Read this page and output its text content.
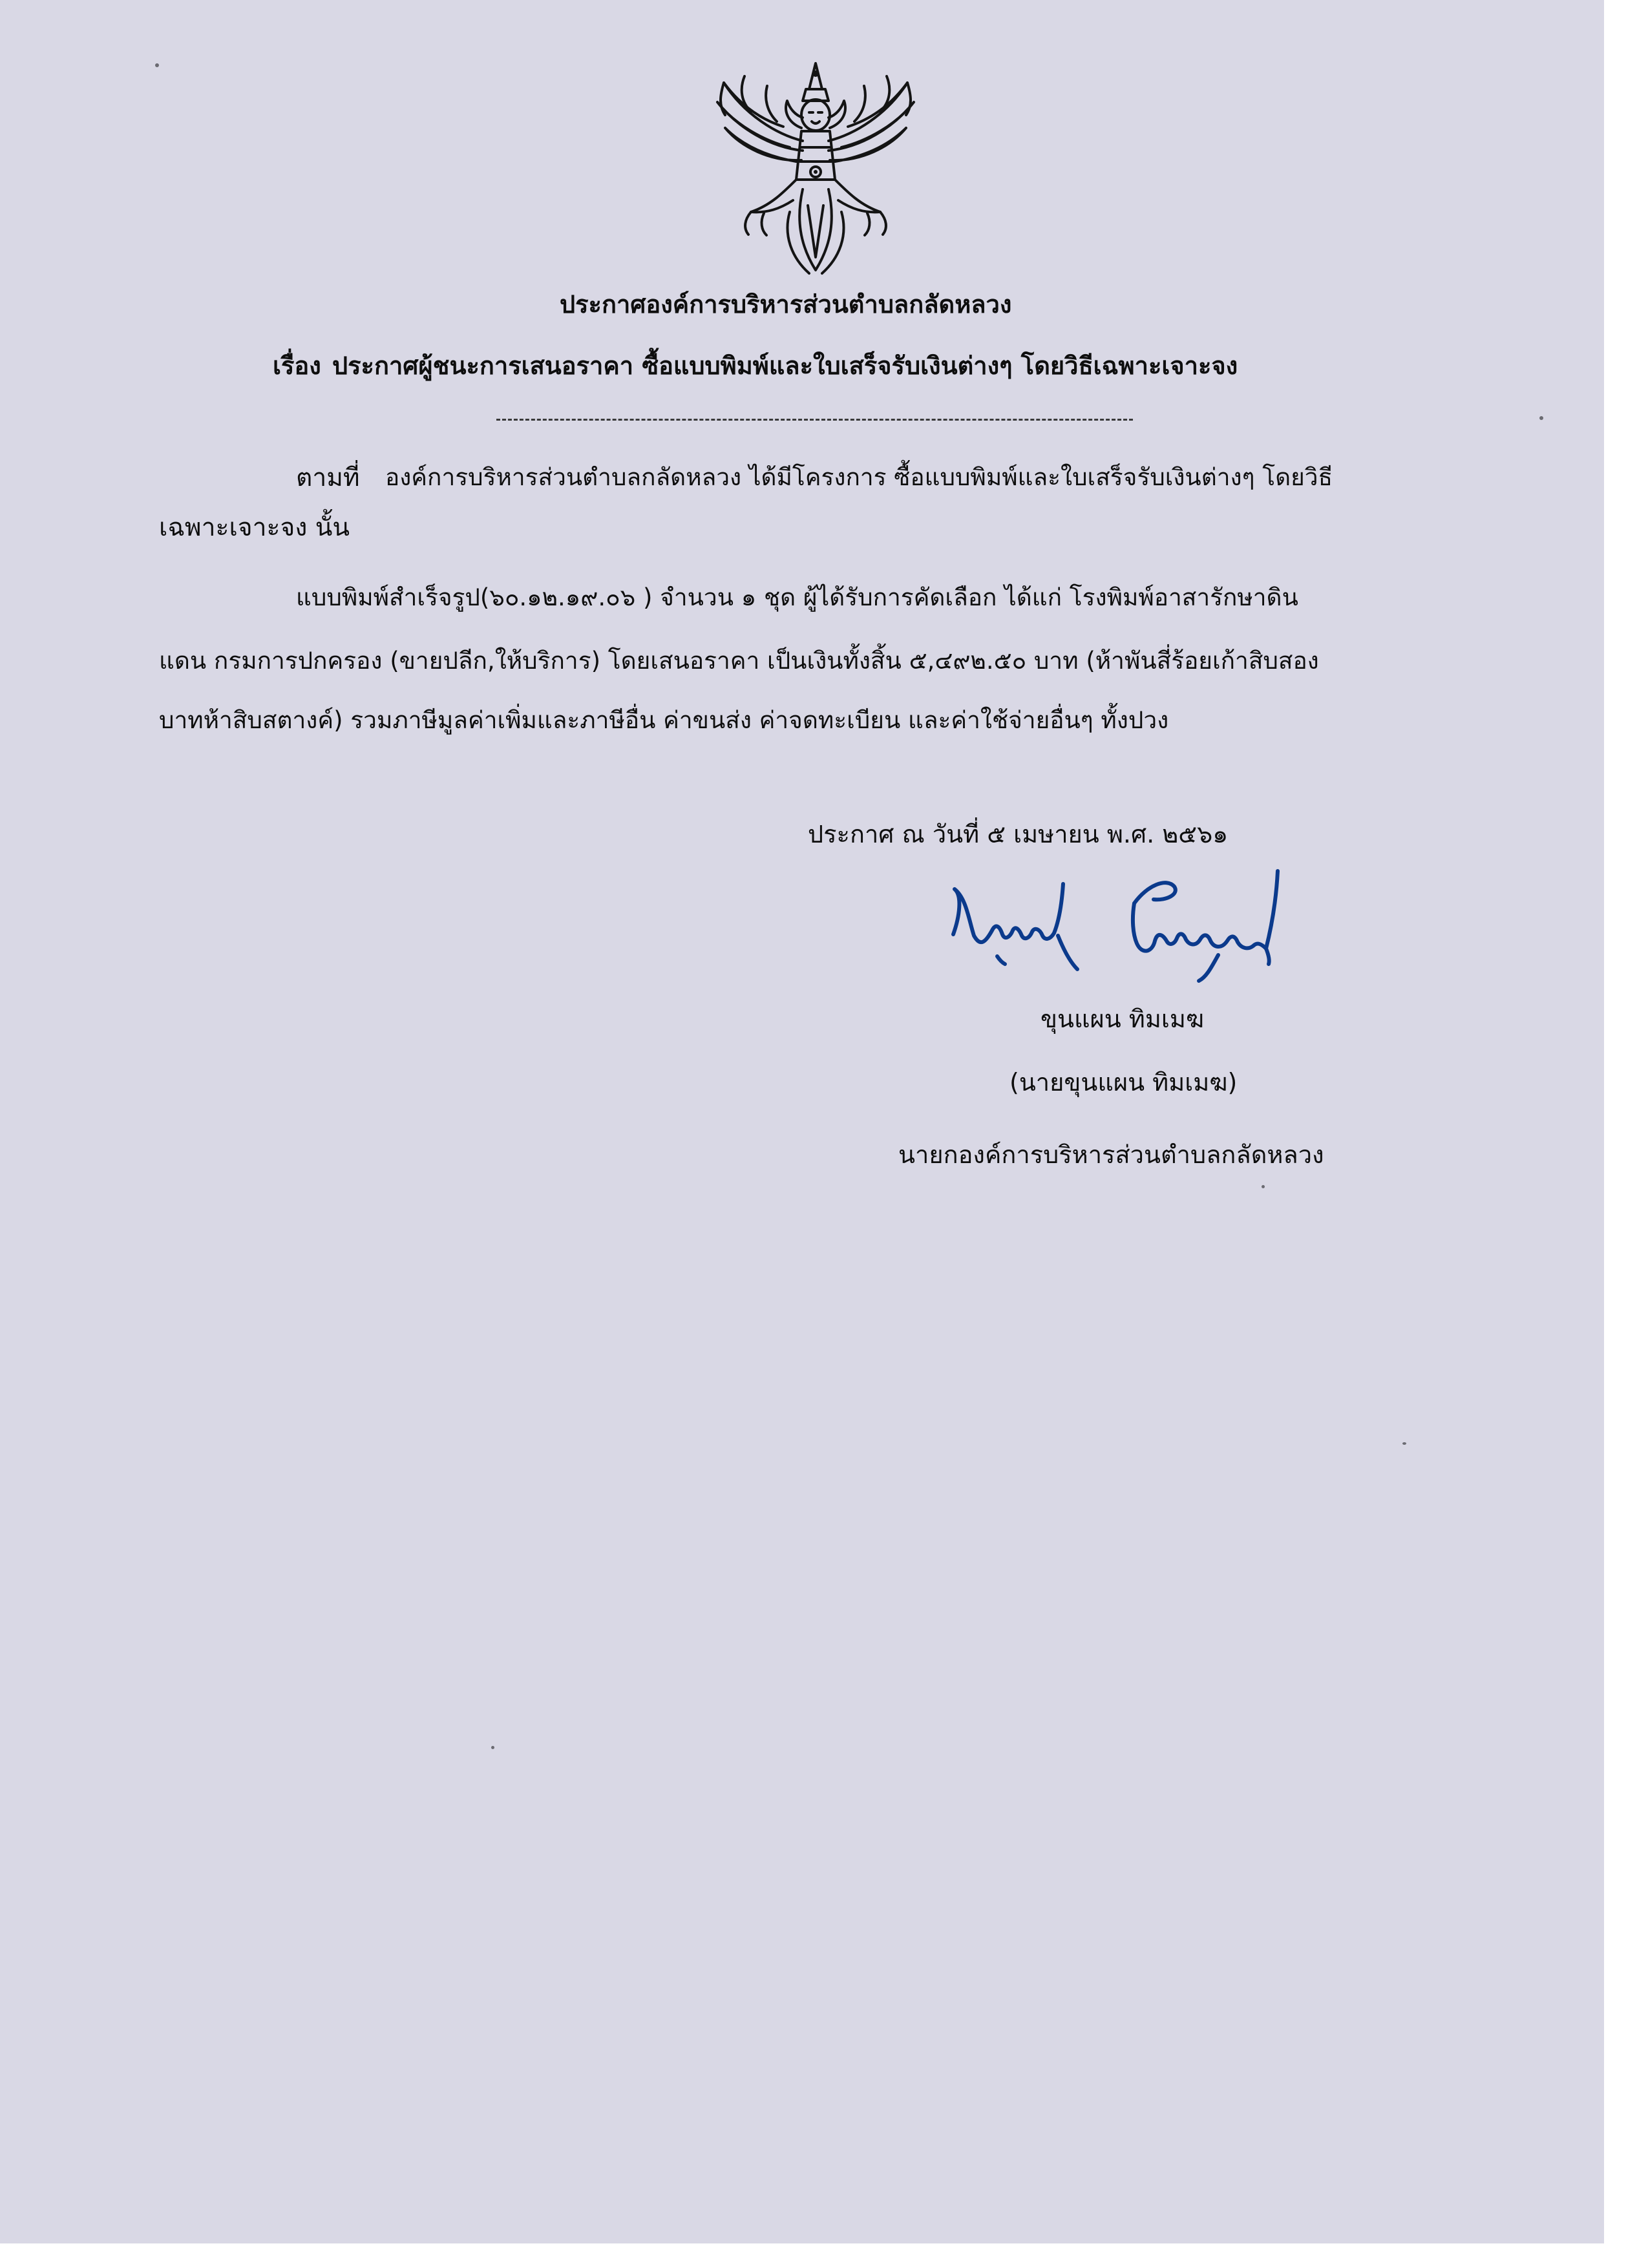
ประกาศองค์การบริหารส่วนตำบลกลัดหลวง
เรื่อง ประกาศผู้ชนะการเสนอราคา ซื้อแบบพิมพ์และใบเสร็จรับเงินต่างๆ โดยวิธีเฉพาะเจาะจง
ตามที่ องค์การบริหารส่วนตำบลกลัดหลวง ได้มีโครงการ ซื้อแบบพิมพ์และใบเสร็จรับเงินต่างๆ โดยวิธี
เฉพาะเจาะจง นั้น
แบบพิมพ์สำเร็จรูป(๖๐.๑๒.๑๙.๐๖ ) จำนวน ๑ ชุด ผู้ได้รับการคัดเลือก ได้แก่ โรงพิมพ์อาสารักษาดิน
แดน กรมการปกครอง (ขายปลีก,ให้บริการ) โดยเสนอราคา เป็นเงินทั้งสิ้น ๕,๔๙๒.๕๐ บาท (ห้าพันสี่ร้อยเก้าสิบสอง
บาทห้าสิบสตางค์) รวมภาษีมูลค่าเพิ่มและภาษีอื่น ค่าขนส่ง ค่าจดทะเบียน และค่าใช้จ่ายอื่นๆ ทั้งปวง
ประกาศ ณ วันที่ ๕ เมษายน พ.ศ. ๒๕๖๑
ขุนแผน ทิมเมฆ
(นายขุนแผน ทิมเมฆ)
นายกองค์การบริหารส่วนตำบลกลัดหลวง
